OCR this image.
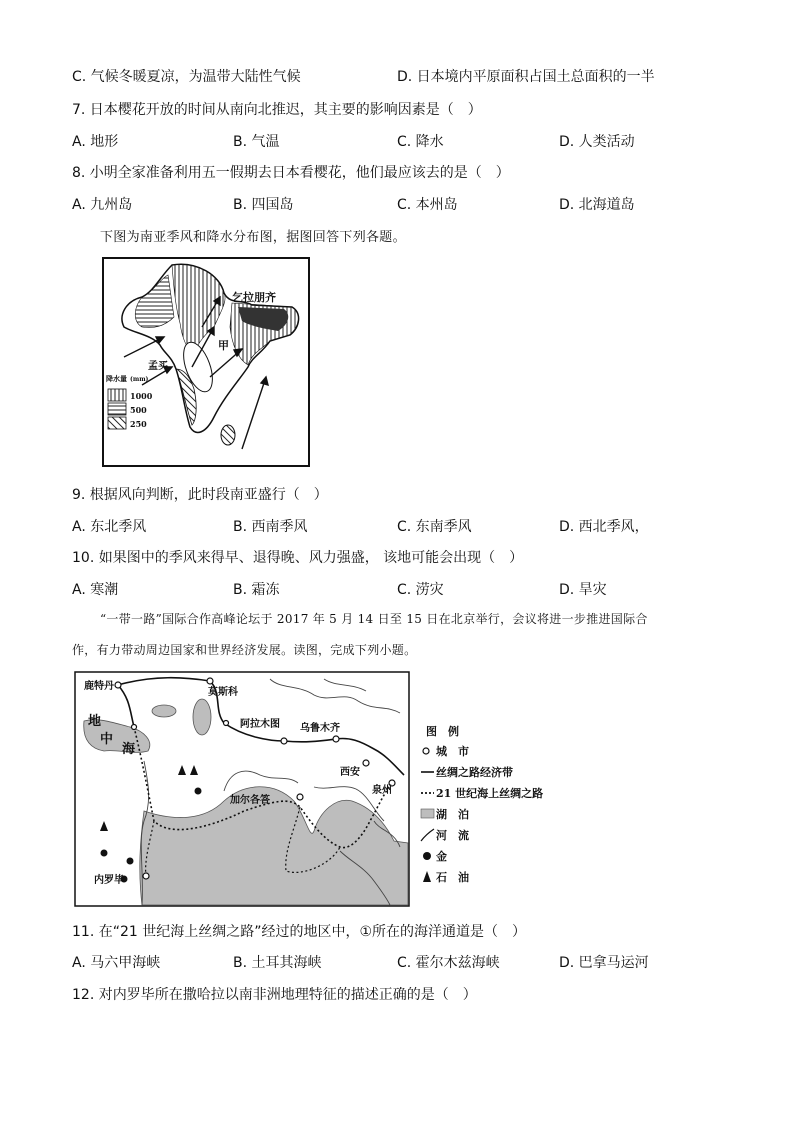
C. 气候冬暖夏凉，为温带大陆性气候	D. 日本境内平原面积占国土总面积的一半
7. 日本樱花开放的时间从南向北推迟，其主要的影响因素是（　）
A. 地形	B. 气温	C. 降水	D. 人类活动
8. 小明全家准备利用五一假期去日本看樱花，他们最应该去的是（　）
A. 九州岛	B. 四国岛	C. 本州岛	D. 北海道岛
下图为南亚季风和降水分布图，据图回答下列各题。
乞拉朋齐
甲
孟买
降水量 (mm)
1000
500
250
9. 根据风向判断，此时段南亚盛行（　）
A. 东北季风	B. 西南季风	C. 东南季风	D. 西北季风，
10. 如果图中的季风来得早、退得晚、风力强盛， 该地可能会出现（　）
A. 寒潮	B. 霜冻	C. 涝灾	D. 旱灾
“一带一路”国际合作高峰论坛于 2017 年 5 月 14 日至 15 日在北京举行，会议将进一步推进国际合
作，有力带动周边国家和世界经济发展。读图，完成下列小题。
鹿特丹
莫斯科
阿拉木图 乌鲁木齐
西安
泉州
加尔各答
内罗毕
地
中
海
图　例
城　市
丝绸之路经济带
21 世纪海上丝绸之路
湖　泊
河　流
金
石　油
11. 在“21 世纪海上丝绸之路”经过的地区中，①所在的海洋通道是（　）
A. 马六甲海峡	B. 土耳其海峡	C. 霍尔木兹海峡	D. 巴拿马运河
12. 对内罗毕所在撒哈拉以南非洲地理特征的描述正确的是（　）
